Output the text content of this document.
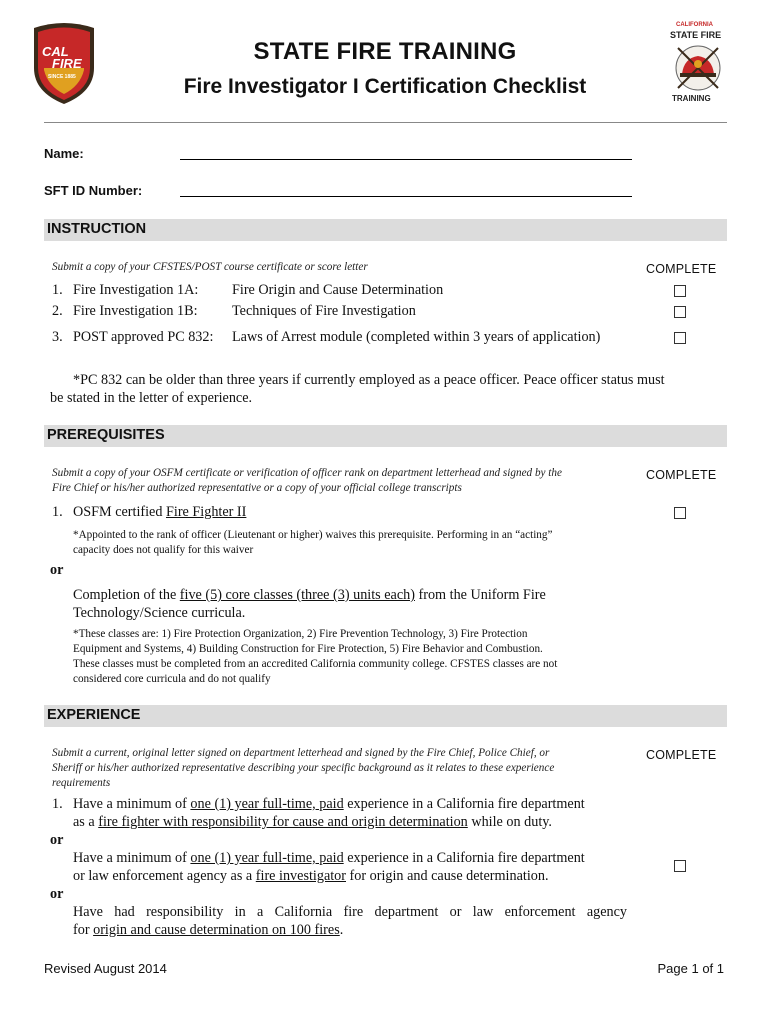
CAL
FIRE
SINCE 1885
STATE FIRE TRAINING
Fire Investigator I Certification Checklist
CALIFORNIA
STATE FIRE
TRAINING
Name:
SFT ID Number:
INSTRUCTION
Submit a copy of your CFSTES/POST course certificate or score letter	COMPLETE
1. Fire Investigation 1A: Fire Origin and Cause Determination
2. Fire Investigation 1B: Techniques of Fire Investigation
3. POST approved PC 832: Laws of Arrest module (completed within 3 years of application)
*PC 832 can be older than three years if currently employed as a peace officer. Peace officer status must
be stated in the letter of experience.
PREREQUISITES
Submit a copy of your OSFM certificate or verification of officer rank on department letterhead and signed by the
Fire Chief or his/her authorized representative or a copy of your official college transcripts
COMPLETE
1. OSFM certified Fire Fighter II
*Appointed to the rank of officer (Lieutenant or higher) waives this prerequisite. Performing in an “acting”
capacity does not qualify for this waiver
or
Completion of the five (5) core classes (three (3) units each) from the Uniform Fire
Technology/Science curricula.
*These classes are: 1) Fire Protection Organization, 2) Fire Prevention Technology, 3) Fire Protection
Equipment and Systems, 4) Building Construction for Fire Protection, 5) Fire Behavior and Combustion.
These classes must be completed from an accredited California community college. CFSTES classes are not
considered core curricula and do not qualify
EXPERIENCE
Submit a current, original letter signed on department letterhead and signed by the Fire Chief, Police Chief, or
Sheriff or his/her authorized representative describing your specific background as it relates to these experience
requirements
COMPLETE
1. Have a minimum of one (1) year full-time, paid experience in a California fire department
as a fire fighter with responsibility for cause and origin determination while on duty.
or
Have a minimum of one (1) year full-time, paid experience in a California fire department
or law enforcement agency as a fire investigator for origin and cause determination.
or
Have had responsibility in a California fire department or law enforcement agency
for origin and cause determination on 100 fires.
Revised August 2014	Page 1 of 1
